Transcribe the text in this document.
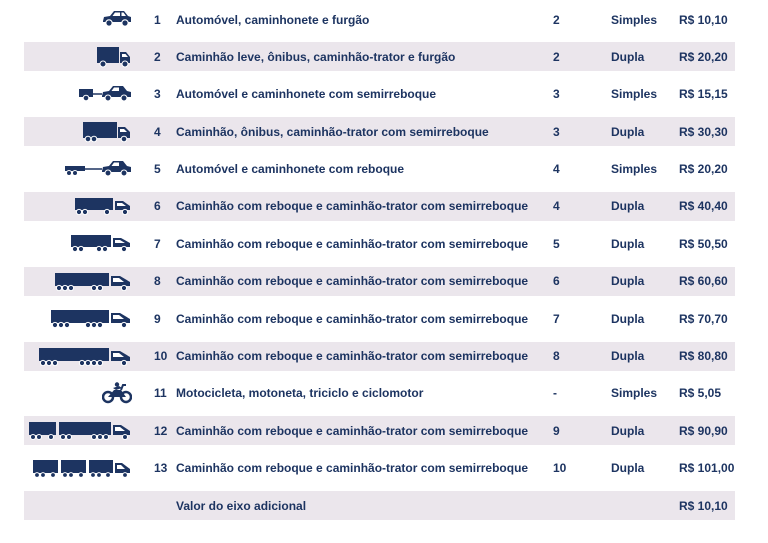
1	Automóvel, caminhonete e furgão	2	Simples	R$ 10,10
2	Caminhão leve, ônibus, caminhão-trator e furgão	2	Dupla	R$ 20,20
3	Automóvel e caminhonete com semirreboque	3	Simples	R$ 15,15
4	Caminhão, ônibus, caminhão-trator com semirreboque	3	Dupla	R$ 30,30
5	Automóvel e caminhonete com reboque	4	Simples	R$ 20,20
6	Caminhão com reboque e caminhão-trator com semirreboque	4	Dupla	R$ 40,40
7	Caminhão com reboque e caminhão-trator com semirreboque	5	Dupla	R$ 50,50
8	Caminhão com reboque e caminhão-trator com semirreboque	6	Dupla	R$ 60,60
9	Caminhão com reboque e caminhão-trator com semirreboque	7	Dupla	R$ 70,70
10 Caminhão com reboque e caminhão-trator com semirreboque	8	Dupla	R$ 80,80
11 Motocicleta, motoneta, triciclo e ciclomotor	-	Simples	R$ 5,05
12 Caminhão com reboque e caminhão-trator com semirreboque	9	Dupla	R$ 90,90
13 Caminhão com reboque e caminhão-trator com semirreboque	10	Dupla	R$ 101,00
Valor do eixo adicional	R$ 10,10
